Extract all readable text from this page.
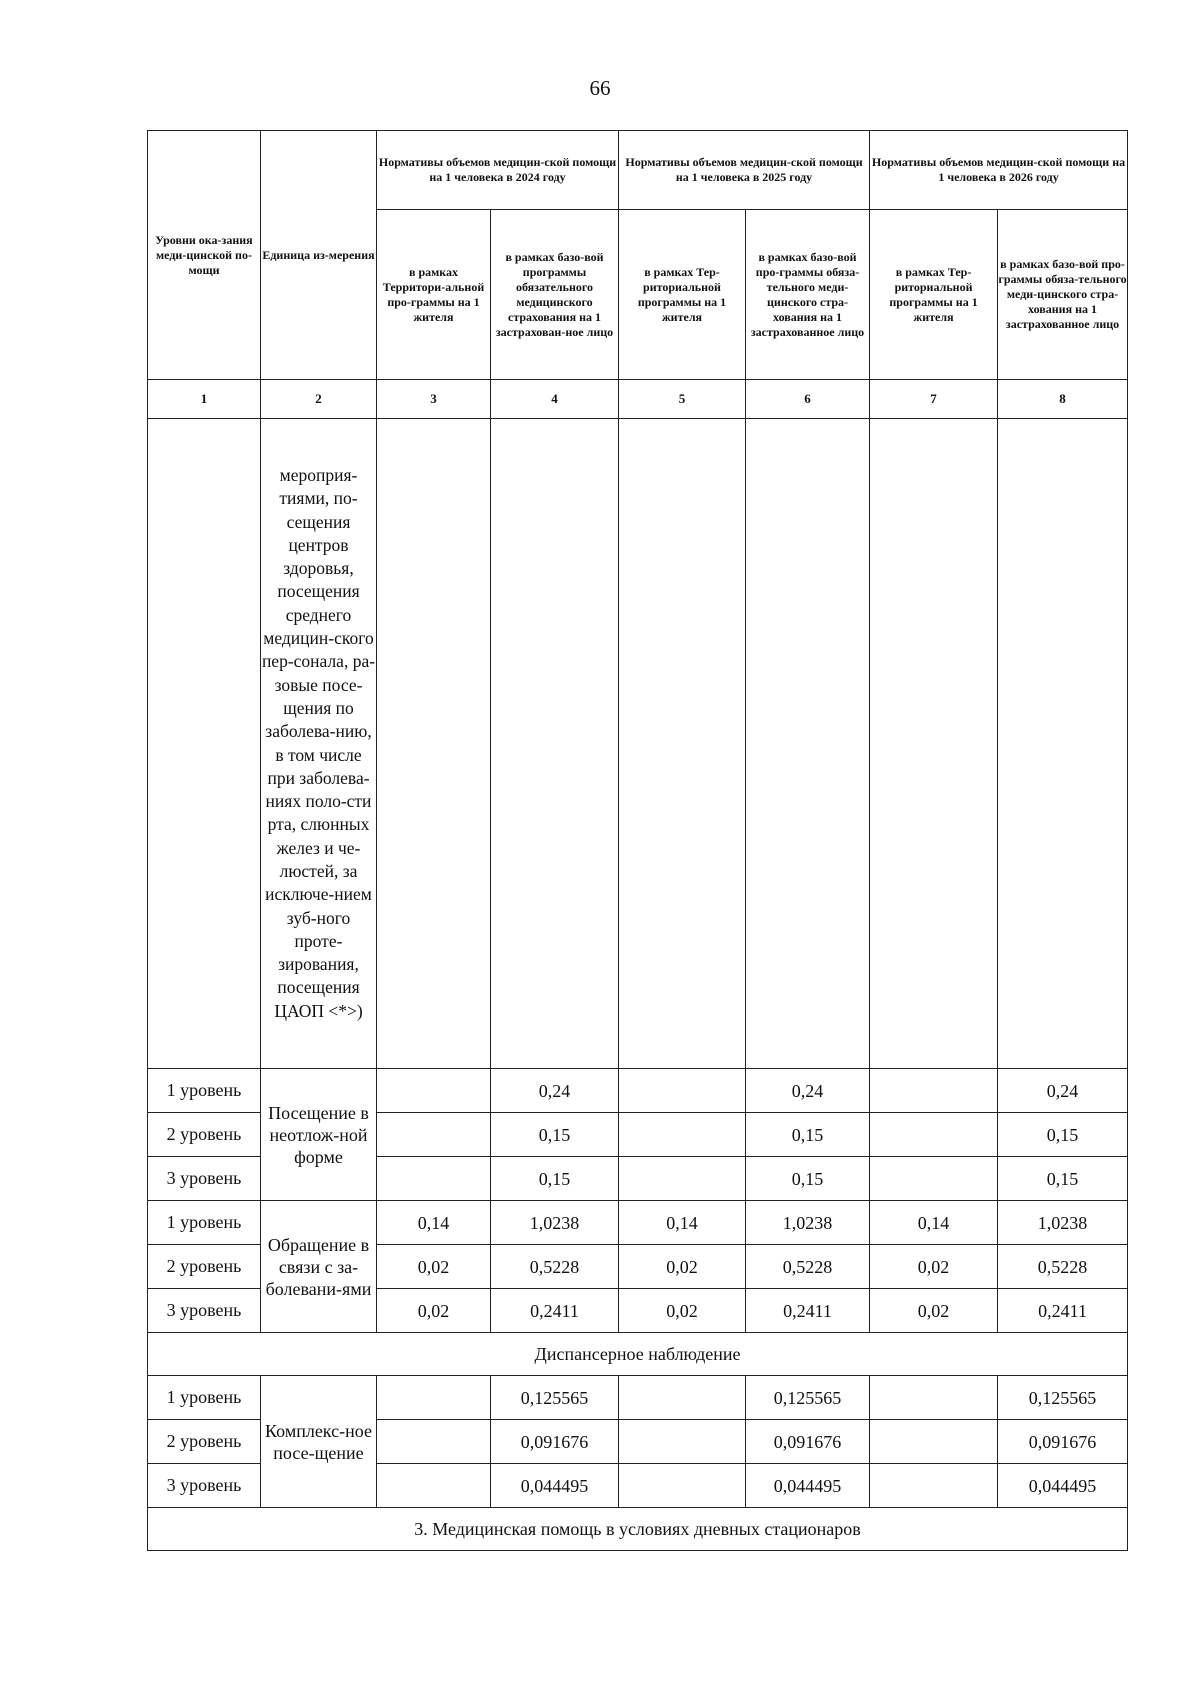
66
Уровни ока-зания меди-цинской по-мощи	Единица из-мерения	Нормативы объемов медицин-ской помощи на 1 человека в 2024 году		Нормативы объемов медицин-ской помощи на 1 человека в 2025 году		Нормативы объемов медицин-ской помощи на 1 человека в 2026 году	
		в рамках Территори-альной про-граммы на 1 жителя	в рамках базо-вой программы обязательного медицинского страхования на 1 застрахован-ное лицо	в рамках Тер-риториальной программы на 1 жителя	в рамках базо-вой про-граммы обяза-тельного меди-цинского стра-хования на 1 застрахованное лицо	в рамках Тер-риториальной программы на 1 жителя	в рамках базо-вой про-граммы обяза-тельного меди-цинского стра-хования на 1 застрахованное лицо
1	2	3	4	5	6	7	8
	мероприя-тиями, по-сещения центров здоровья, посещения среднего медицин-ского пер-сонала, ра-зовые посе-щения по заболева-нию, в том числе при заболева-ниях поло-сти рта, слюнных желез и че-люстей, за исключе-нием зуб-ного проте-зирования, посещения ЦАОП <*>)						
1 уровень	Посещение в неотлож-ной форме		0,24		0,24		0,24
2 уровень			0,15		0,15		0,15
3 уровень			0,15		0,15		0,15
1 уровень	Обращение в связи с за-болевани-ями	0,14	1,0238	0,14	1,0238	0,14	1,0238
2 уровень		0,02	0,5228	0,02	0,5228	0,02	0,5228
3 уровень		0,02	0,2411	0,02	0,2411	0,02	0,2411
Диспансерное наблюдение							
1 уровень	Комплекс-ное посе-щение		0,125565		0,125565		0,125565
2 уровень			0,091676		0,091676		0,091676
3 уровень			0,044495		0,044495		0,044495
3. Медицинская помощь в условиях дневных стационаров							
